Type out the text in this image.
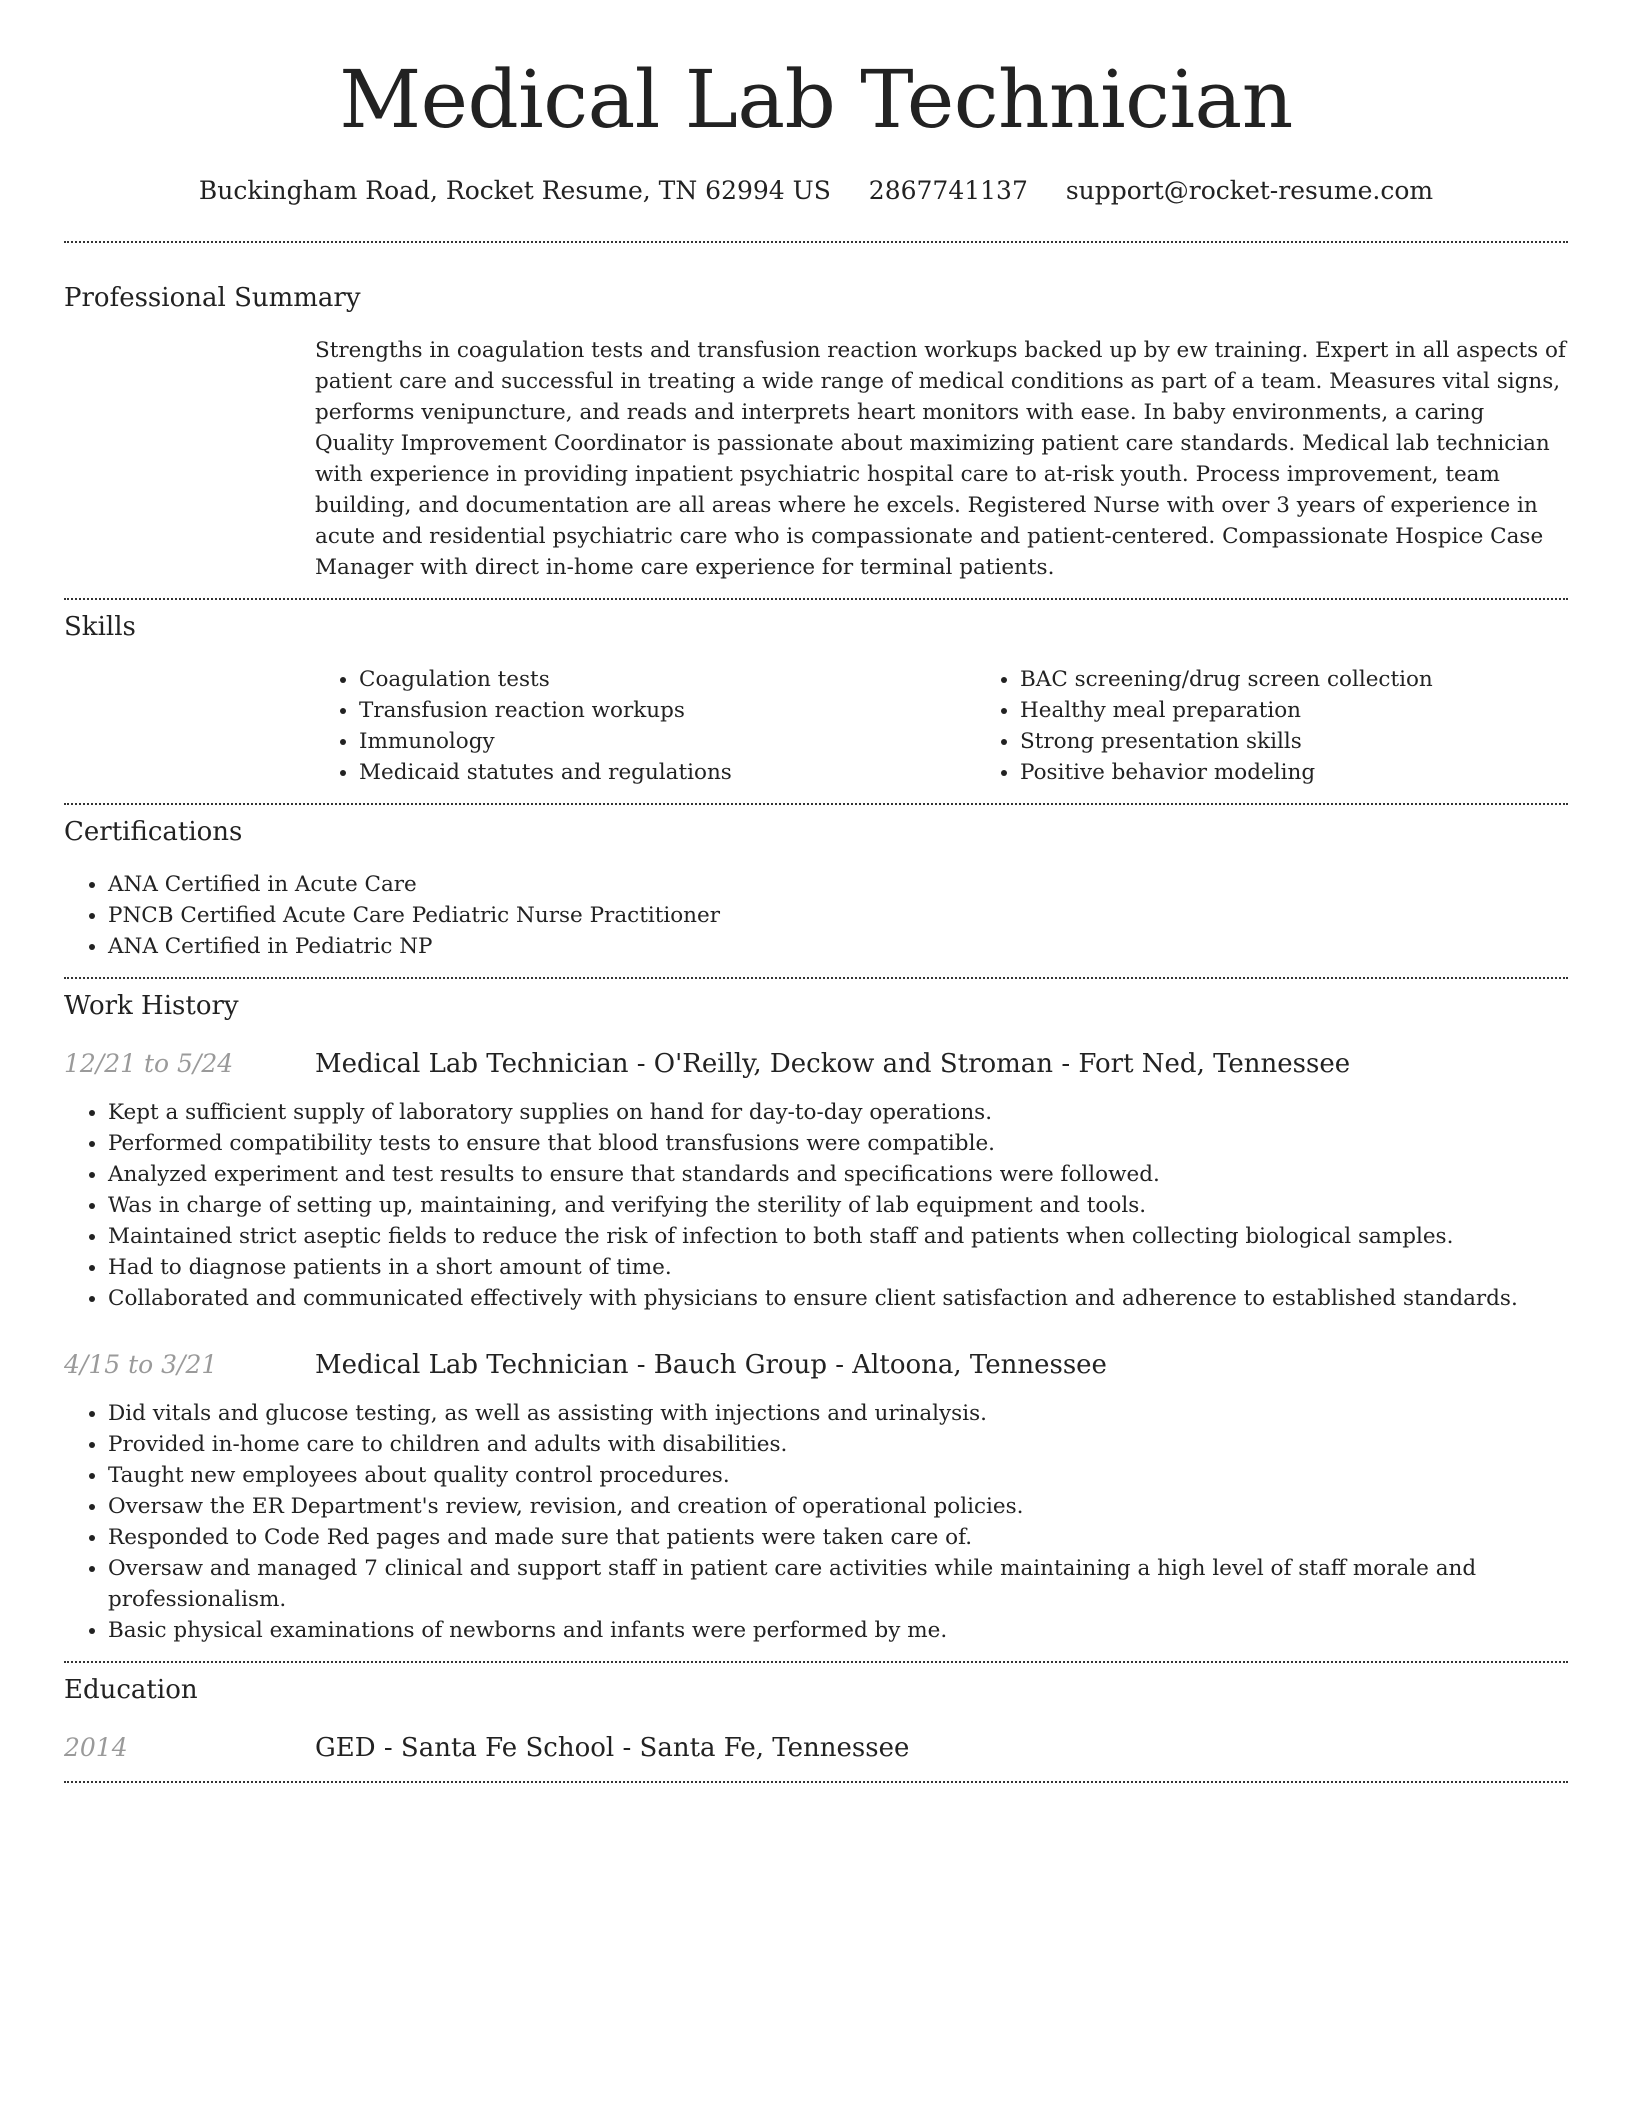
Medical Lab Technician
Buckingham Road, Rocket Resume, TN 62994 US 2867741137 support@rocket-resume.com
Professional Summary
Strengths in coagulation tests and transfusion reaction workups backed up by ew training. Expert in all aspects of patient care and successful in treating a wide range of medical conditions as part of a team. Measures vital signs, performs venipuncture, and reads and interprets heart monitors with ease. In baby environments, a caring Quality Improvement Coordinator is passionate about maximizing patient care standards. Medical lab technician with experience in providing inpatient psychiatric hospital care to at-risk youth. Process improvement, team building, and documentation are all areas where he excels. Registered Nurse with over 3 years of experience in acute and residential psychiatric care who is compassionate and patient-centered. Compassionate Hospice Case Manager with direct in-home care experience for terminal patients.
Skills
• Coagulation tests
• Transfusion reaction workups
• Immunology
• Medicaid statutes and regulations
• BAC screening/drug screen collection
• Healthy meal preparation
• Strong presentation skills
• Positive behavior modeling
Certifications
• ANA Certified in Acute Care
• PNCB Certified Acute Care Pediatric Nurse Practitioner
• ANA Certified in Pediatric NP
Work History
12/21 to 5/24	Medical Lab Technician - O'Reilly, Deckow and Stroman - Fort Ned, Tennessee
• Kept a sufficient supply of laboratory supplies on hand for day-to-day operations.
• Performed compatibility tests to ensure that blood transfusions were compatible.
• Analyzed experiment and test results to ensure that standards and specifications were followed.
• Was in charge of setting up, maintaining, and verifying the sterility of lab equipment and tools.
• Maintained strict aseptic fields to reduce the risk of infection to both staff and patients when collecting biological samples.
• Had to diagnose patients in a short amount of time.
• Collaborated and communicated effectively with physicians to ensure client satisfaction and adherence to established standards.
4/15 to 3/21	Medical Lab Technician - Bauch Group - Altoona, Tennessee
• Did vitals and glucose testing, as well as assisting with injections and urinalysis.
• Provided in-home care to children and adults with disabilities.
• Taught new employees about quality control procedures.
• Oversaw the ER Department's review, revision, and creation of operational policies.
• Responded to Code Red pages and made sure that patients were taken care of.
• Oversaw and managed 7 clinical and support staff in patient care activities while maintaining a high level of staff morale and professionalism.
• Basic physical examinations of newborns and infants were performed by me.
Education
2014	GED - Santa Fe School - Santa Fe, Tennessee
